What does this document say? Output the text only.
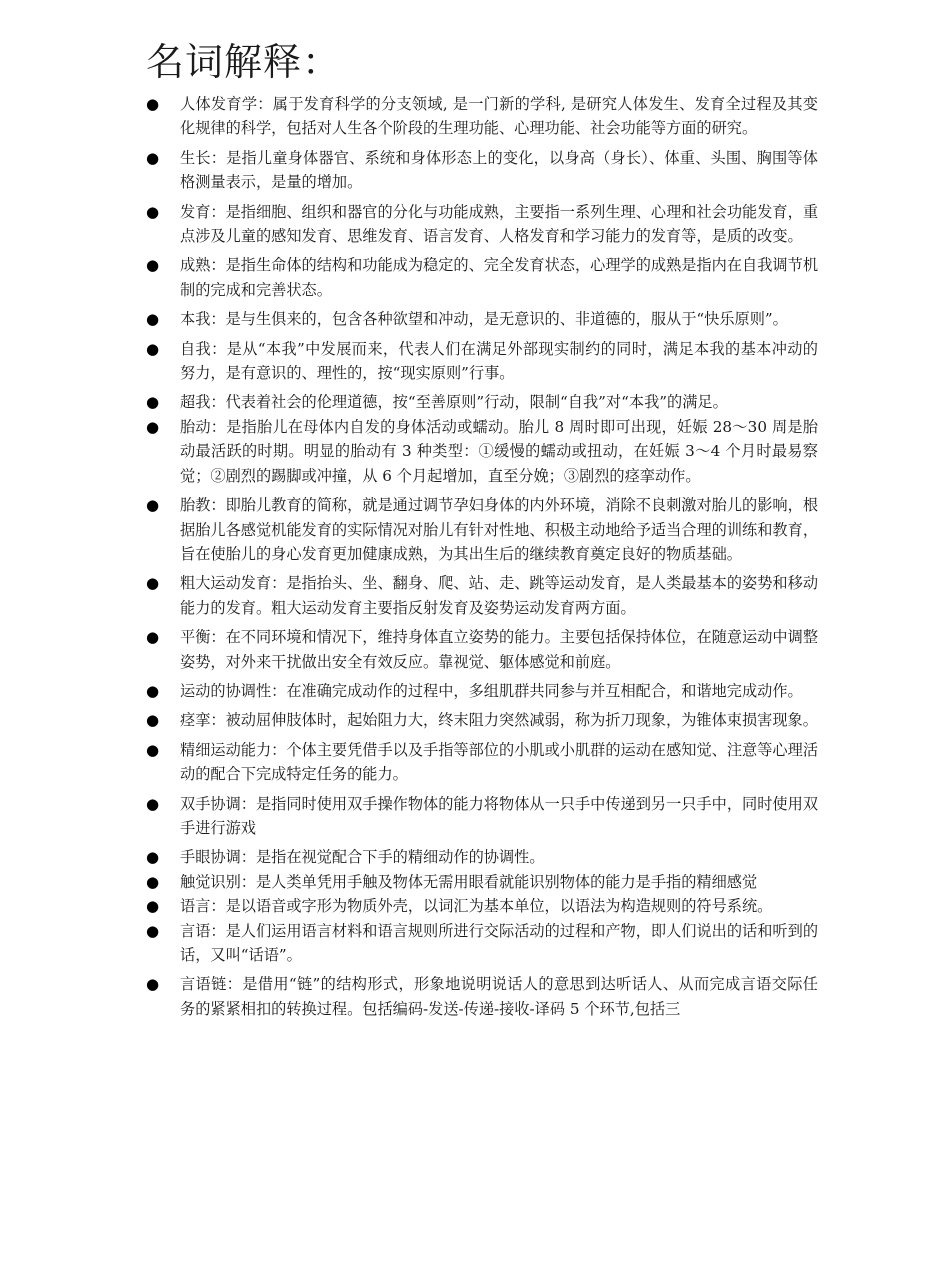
名词解释：
● 人体发育学：属于发育科学的分支领域, 是一门新的学科, 是研究人体发生、发育全过程及其变化规律的科学，包括对人生各个阶段的生理功能、心理功能、社会功能等方面的研究。
● 生长：是指儿童身体器官、系统和身体形态上的变化，以身高（身长）、体重、头围、胸围等体格测量表示，是量的增加。
● 发育：是指细胞、组织和器官的分化与功能成熟，主要指一系列生理、心理和社会功能发育，重点涉及儿童的感知发育、思维发育、语言发育、人格发育和学习能力的发育等，是质的改变。
● 成熟：是指生命体的结构和功能成为稳定的、完全发育状态，心理学的成熟是指内在自我调节机制的完成和完善状态。
● 本我：是与生俱来的，包含各种欲望和冲动，是无意识的、非道德的，服从于“快乐原则”。
● 自我：是从“本我”中发展而来，代表人们在满足外部现实制约的同时，满足本我的基本冲动的努力，是有意识的、理性的，按“现实原则”行事。
● 超我：代表着社会的伦理道德，按“至善原则”行动，限制“自我”对“本我”的满足。
● 胎动：是指胎儿在母体内自发的身体活动或蠕动。胎儿 8 周时即可出现，妊娠 28～30 周是胎动最活跃的时期。明显的胎动有 3 种类型：①缓慢的蠕动或扭动，在妊娠 3～4 个月时最易察觉；②剧烈的踢脚或冲撞，从 6 个月起增加，直至分娩；③剧烈的痉挛动作。
● 胎教：即胎儿教育的简称，就是通过调节孕妇身体的内外环境，消除不良刺激对胎儿的影响，根据胎儿各感觉机能发育的实际情况对胎儿有针对性地、积极主动地给予适当合理的训练和教育，旨在使胎儿的身心发育更加健康成熟，为其出生后的继续教育奠定良好的物质基础。
● 粗大运动发育：是指抬头、坐、翻身、爬、站、走、跳等运动发育，是人类最基本的姿势和移动能力的发育。粗大运动发育主要指反射发育及姿势运动发育两方面。
● 平衡：在不同环境和情况下，维持身体直立姿势的能力。主要包括保持体位，在随意运动中调整姿势，对外来干扰做出安全有效反应。靠视觉、躯体感觉和前庭。
● 运动的协调性：在准确完成动作的过程中，多组肌群共同参与并互相配合，和谐地完成动作。
● 痉挛：被动屈伸肢体时，起始阻力大，终末阻力突然减弱，称为折刀现象，为锥体束损害现象。
● 精细运动能力：个体主要凭借手以及手指等部位的小肌或小肌群的运动在感知觉、注意等心理活动的配合下完成特定任务的能力。
● 双手协调：是指同时使用双手操作物体的能力将物体从一只手中传递到另一只手中，同时使用双手进行游戏
● 手眼协调：是指在视觉配合下手的精细动作的协调性。
● 触觉识别：是人类单凭用手触及物体无需用眼看就能识别物体的能力是手指的精细感觉
● 语言：是以语音或字形为物质外壳，以词汇为基本单位，以语法为构造规则的符号系统。
● 言语：是人们运用语言材料和语言规则所进行交际活动的过程和产物，即人们说出的话和听到的话，又叫“话语”。
● 言语链：是借用“链”的结构形式，形象地说明说话人的意思到达听话人、从而完成言语交际任务的紧紧相扣的转换过程。包括编码-发送-传递-接收-译码 5 个环节,包括三
